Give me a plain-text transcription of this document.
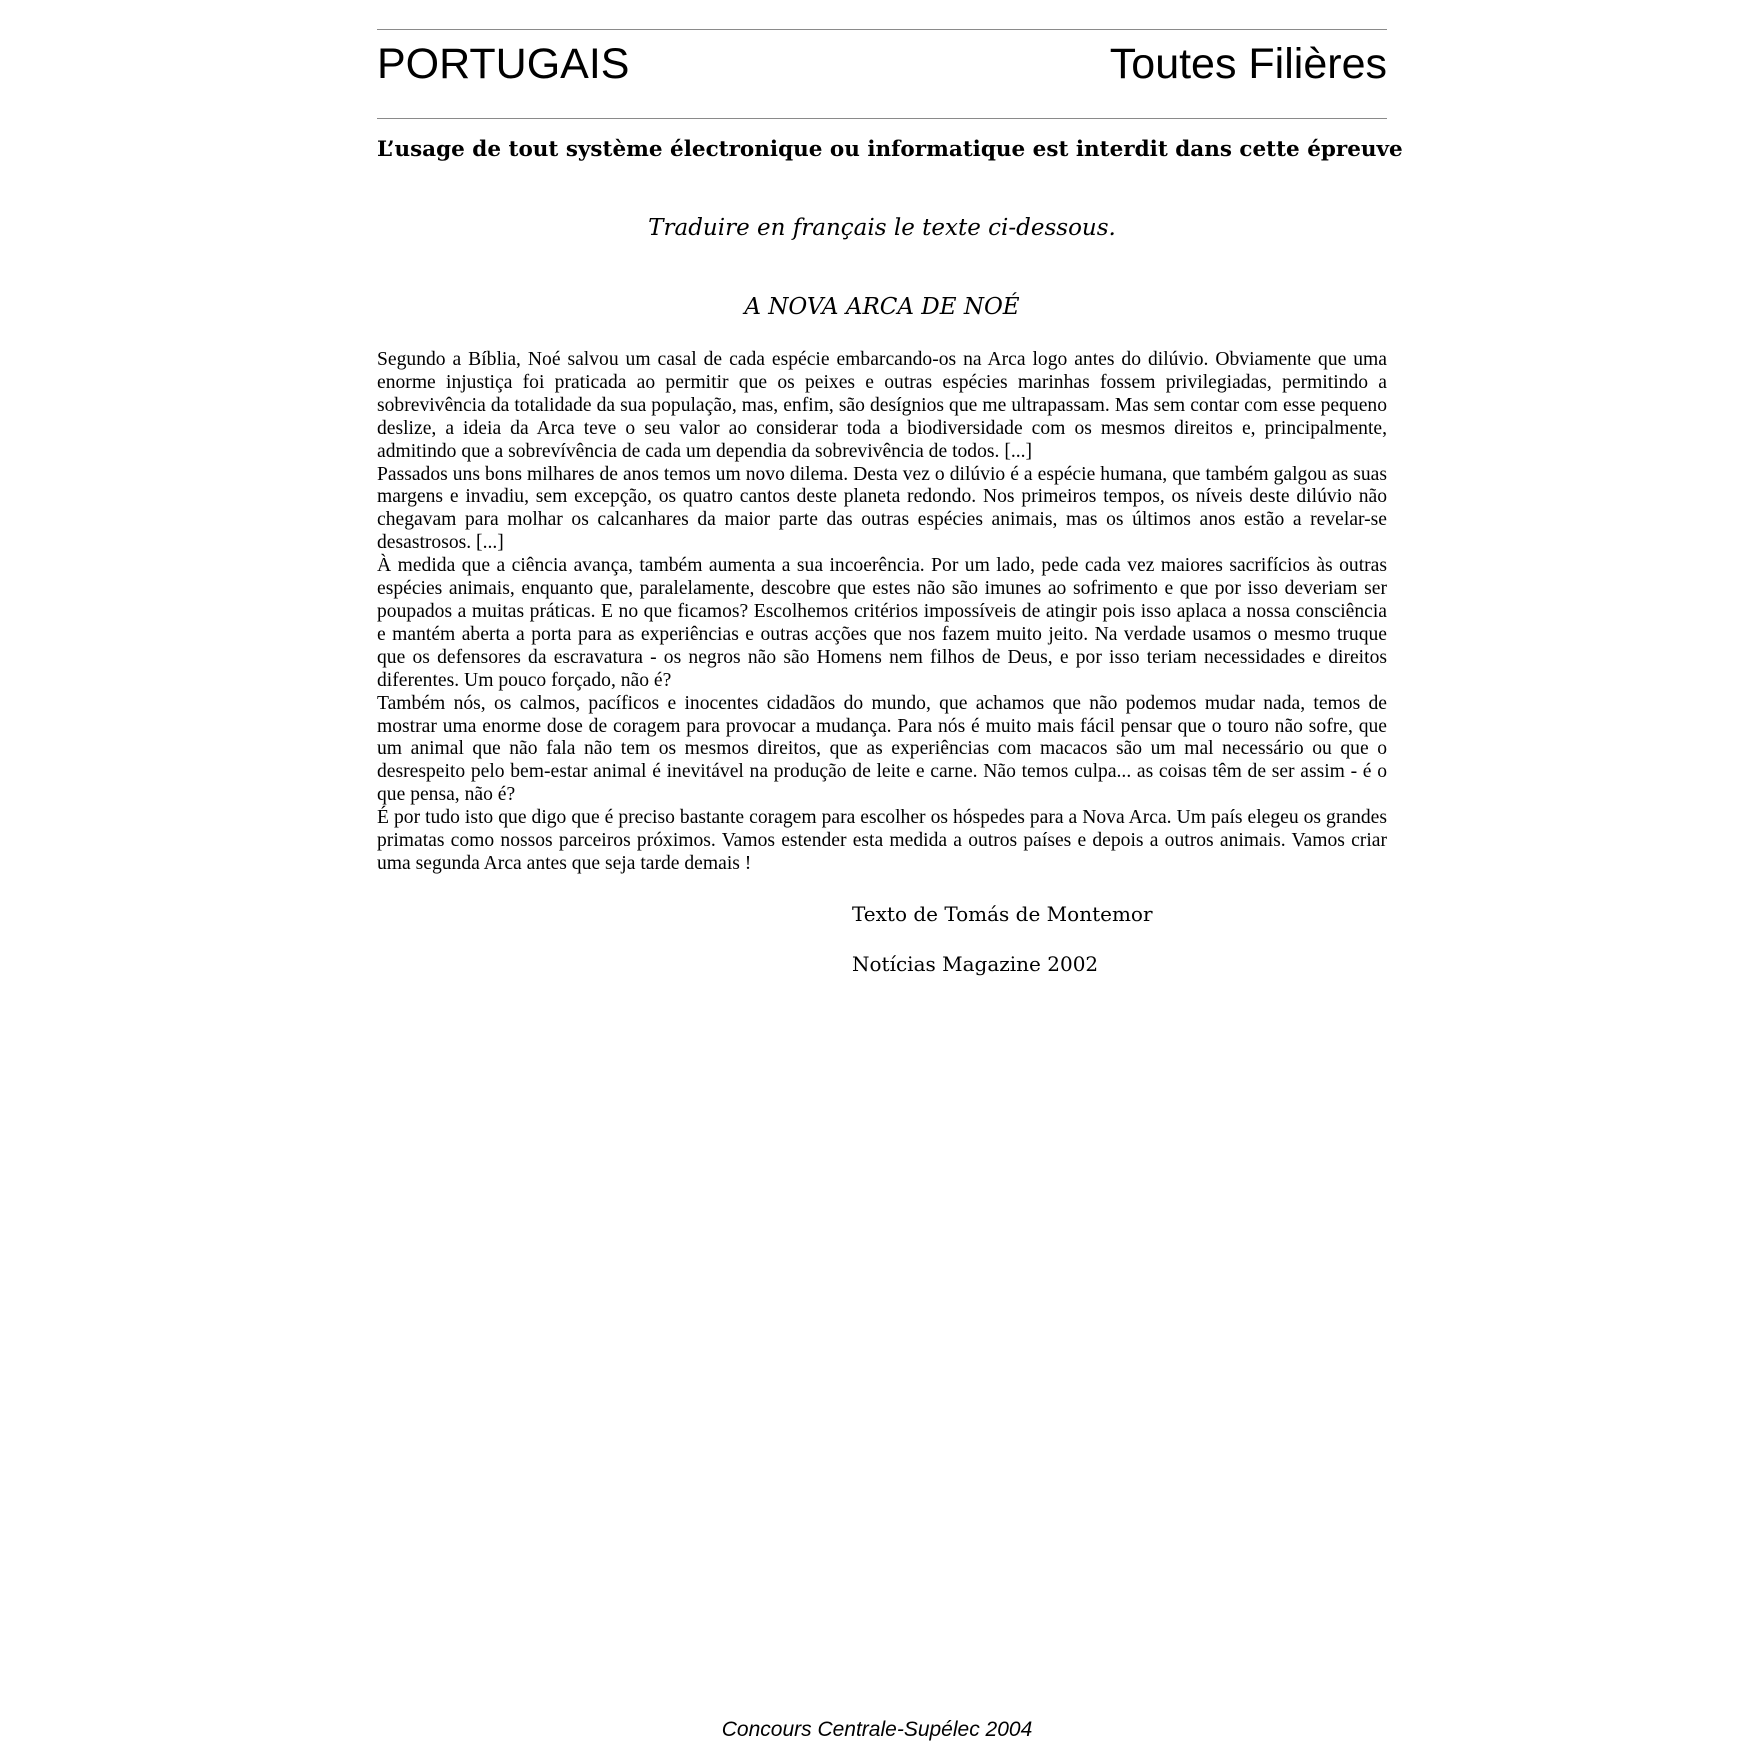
PORTUGAIS	Toutes Filières
L’usage de tout système électronique ou informatique est interdit dans cette épreuve
Traduire en français le texte ci-dessous.
A NOVA ARCA DE NOÉ

Segundo a Bíblia, Noé salvou um casal de cada espécie embarcando-os na Arca logo antes do dilúvio. Obviamente que uma enorme injustiça foi praticada ao permitir que os peixes e outras espécies marinhas fossem privilegiadas, permitindo a sobrevivência da totalidade da sua população, mas, enfim, são desígnios que me ultrapassam. Mas sem contar com esse pequeno deslize, a ideia da Arca teve o seu valor ao considerar toda a biodiversidade com os mesmos direitos e, principalmente, admitindo que a sobrevívência de cada um dependia da sobrevivência de todos. [...]

Passados uns bons milhares de anos temos um novo dilema. Desta vez o dilúvio é a espécie humana, que também galgou as suas margens e invadiu, sem excepção, os quatro cantos deste planeta redondo. Nos primeiros tempos, os níveis deste dilúvio não chegavam para molhar os calcanhares da maior parte das outras espécies animais, mas os últimos anos estão a revelar-se desastrosos. [...]

À medida que a ciência avança, também aumenta a sua incoerência. Por um lado, pede cada vez maiores sacrifícios às outras espécies animais, enquanto que, paralelamente, descobre que estes não são imunes ao sofrimento e que por isso deveriam ser poupados a muitas práticas. E no que ficamos? Escolhemos critérios impossíveis de atingir pois isso aplaca a nossa consciência e mantém aberta a porta para as experiências e outras acções que nos fazem muito jeito. Na verdade usamos o mesmo truque que os defensores da escravatura - os negros não são Homens nem filhos de Deus, e por isso teriam necessidades e direitos diferentes. Um pouco forçado, não é?

Também nós, os calmos, pacíficos e inocentes cidadãos do mundo, que achamos que não podemos mudar nada, temos de mostrar uma enorme dose de coragem para provocar a mudança. Para nós é muito mais fácil pensar que o touro não sofre, que um animal que não fala não tem os mesmos direitos, que as experiências com macacos são um mal necessário ou que o desrespeito pelo bem-estar animal é inevitável na produção de leite e carne. Não temos culpa... as coisas têm de ser assim - é o que pensa, não é?

É por tudo isto que digo que é preciso bastante coragem para escolher os hóspedes para a Nova Arca. Um país elegeu os grandes primatas como nossos parceiros próximos. Vamos estender esta medida a outros países e depois a outros animais. Vamos criar uma segunda Arca antes que seja tarde demais !

Texto de Tomás de Montemor
Notícias Magazine 2002
Concours Centrale-Supélec 2004
